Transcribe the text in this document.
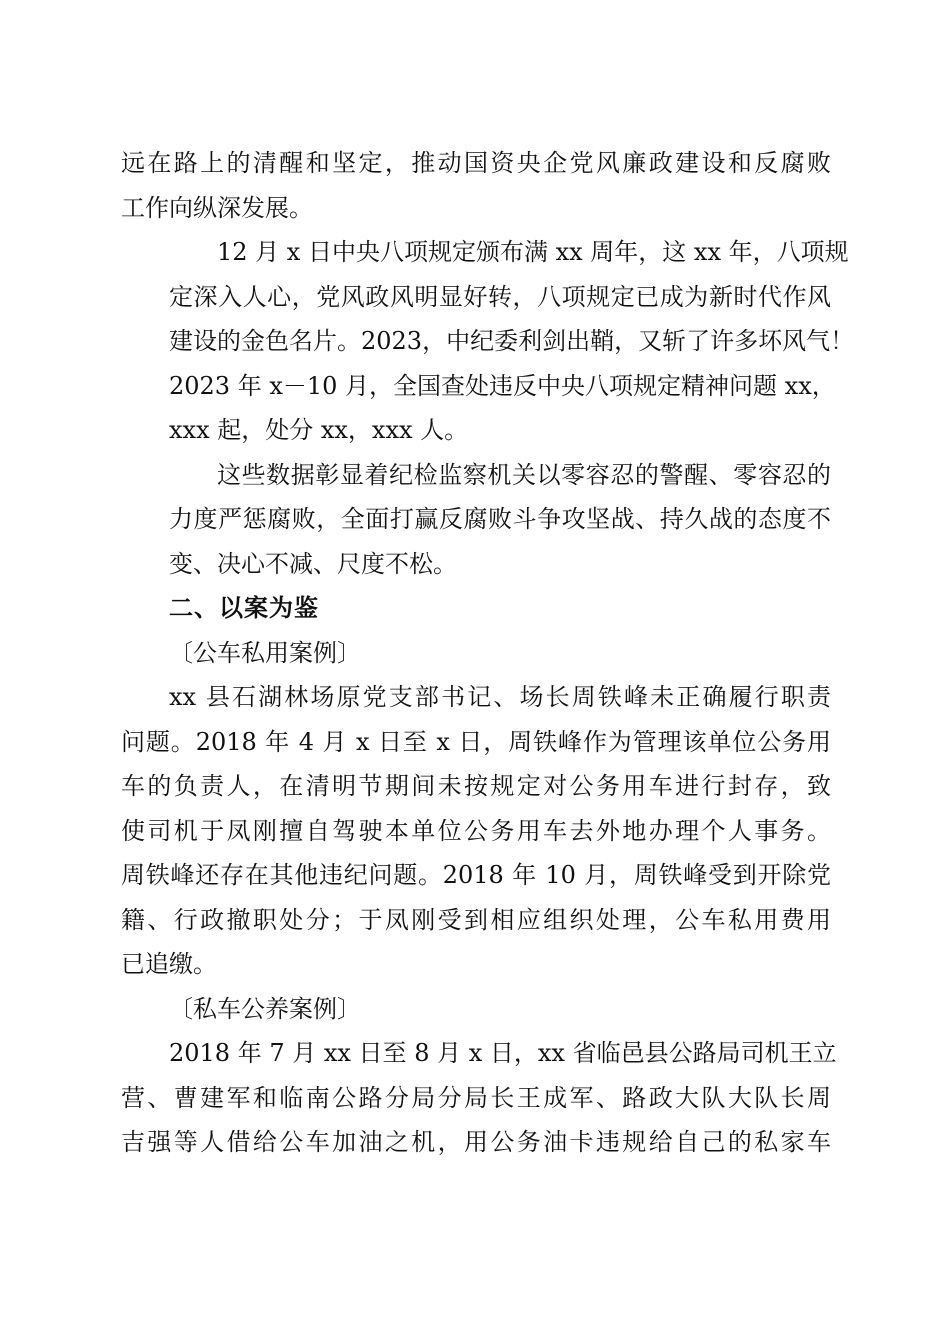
远在路上的清醒和坚定，推动国资央企党风廉政建设和反腐败
工作向纵深发展。
12 月 x 日中央八项规定颁布满 xx 周年，这 xx 年，八项规
定深入人心，党风政风明显好转，八项规定已成为新时代作风
建设的金色名片。2023，中纪委利剑出鞘，又斩了许多坏风气！
2023 年 x－10 月，全国查处违反中央八项规定精神问题 xx，
xxx 起，处分 xx，xxx 人。
这些数据彰显着纪检监察机关以零容忍的警醒、零容忍的
力度严惩腐败，全面打赢反腐败斗争攻坚战、持久战的态度不
变、决心不减、尺度不松。
二、以案为鉴
〔公车私用案例〕
xx 县石湖林场原党支部书记、场长周铁峰未正确履行职责
问题。2018 年 4 月 x 日至 x 日，周铁峰作为管理该单位公务用
车的负责人，在清明节期间未按规定对公务用车进行封存，致
使司机于凤刚擅自驾驶本单位公务用车去外地办理个人事务。
周铁峰还存在其他违纪问题。2018 年 10 月，周铁峰受到开除党
籍、行政撤职处分；于凤刚受到相应组织处理，公车私用费用
已追缴。
〔私车公养案例〕
2018 年 7 月 xx 日至 8 月 x 日，xx 省临邑县公路局司机王立
营、曹建军和临南公路分局分局长王成军、路政大队大队长周
吉强等人借给公车加油之机，用公务油卡违规给自己的私家车
